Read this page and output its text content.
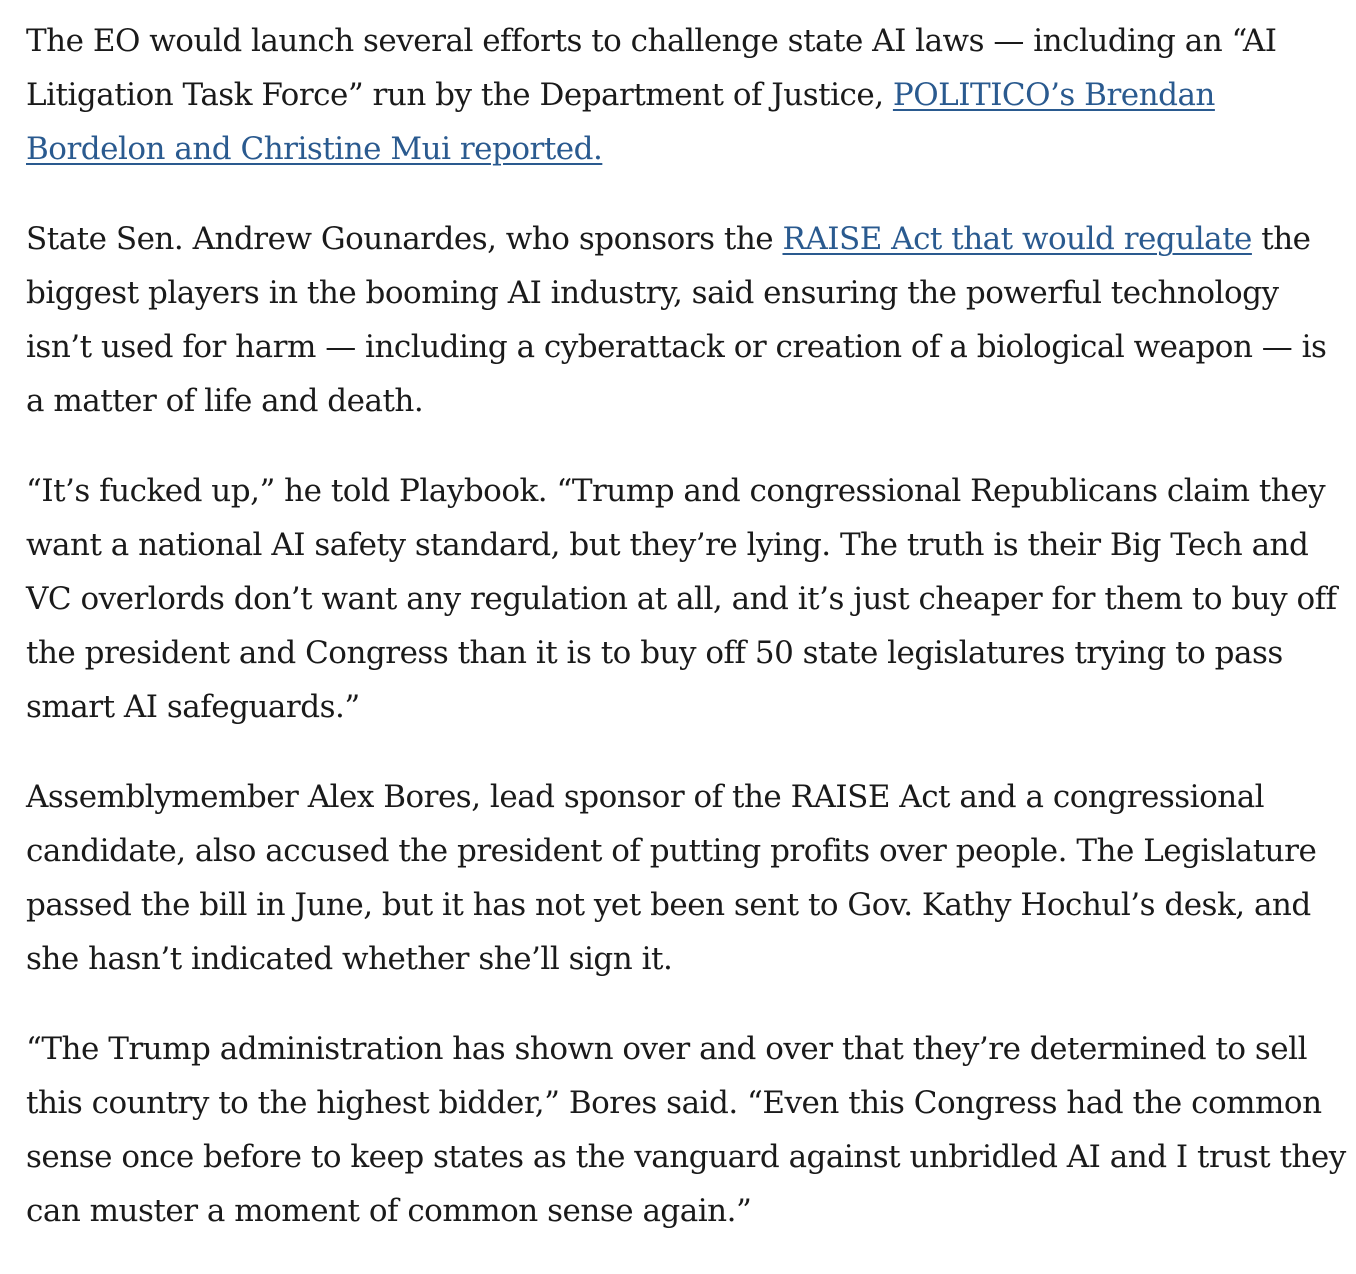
The EO would launch several efforts to challenge state AI laws — including an “AI Litigation Task Force” run by the Department of Justice, POLITICO’s Brendan Bordelon and Christine Mui reported.

State Sen. Andrew Gounardes, who sponsors the RAISE Act that would regulate the biggest players in the booming AI industry, said ensuring the powerful technology isn’t used for harm — including a cyberattack or creation of a biological weapon — is a matter of life and death.

“It’s fucked up,” he told Playbook. “Trump and congressional Republicans claim they want a national AI safety standard, but they’re lying. The truth is their Big Tech and VC overlords don’t want any regulation at all, and it’s just cheaper for them to buy off the president and Congress than it is to buy off 50 state legislatures trying to pass smart AI safeguards.”

Assemblymember Alex Bores, lead sponsor of the RAISE Act and a congressional candidate, also accused the president of putting profits over people. The Legislature passed the bill in June, but it has not yet been sent to Gov. Kathy Hochul’s desk, and she hasn’t indicated whether she’ll sign it.

“The Trump administration has shown over and over that they’re determined to sell this country to the highest bidder,” Bores said. “Even this Congress had the common sense once before to keep states as the vanguard against unbridled AI and I trust they can muster a moment of common sense again.”
